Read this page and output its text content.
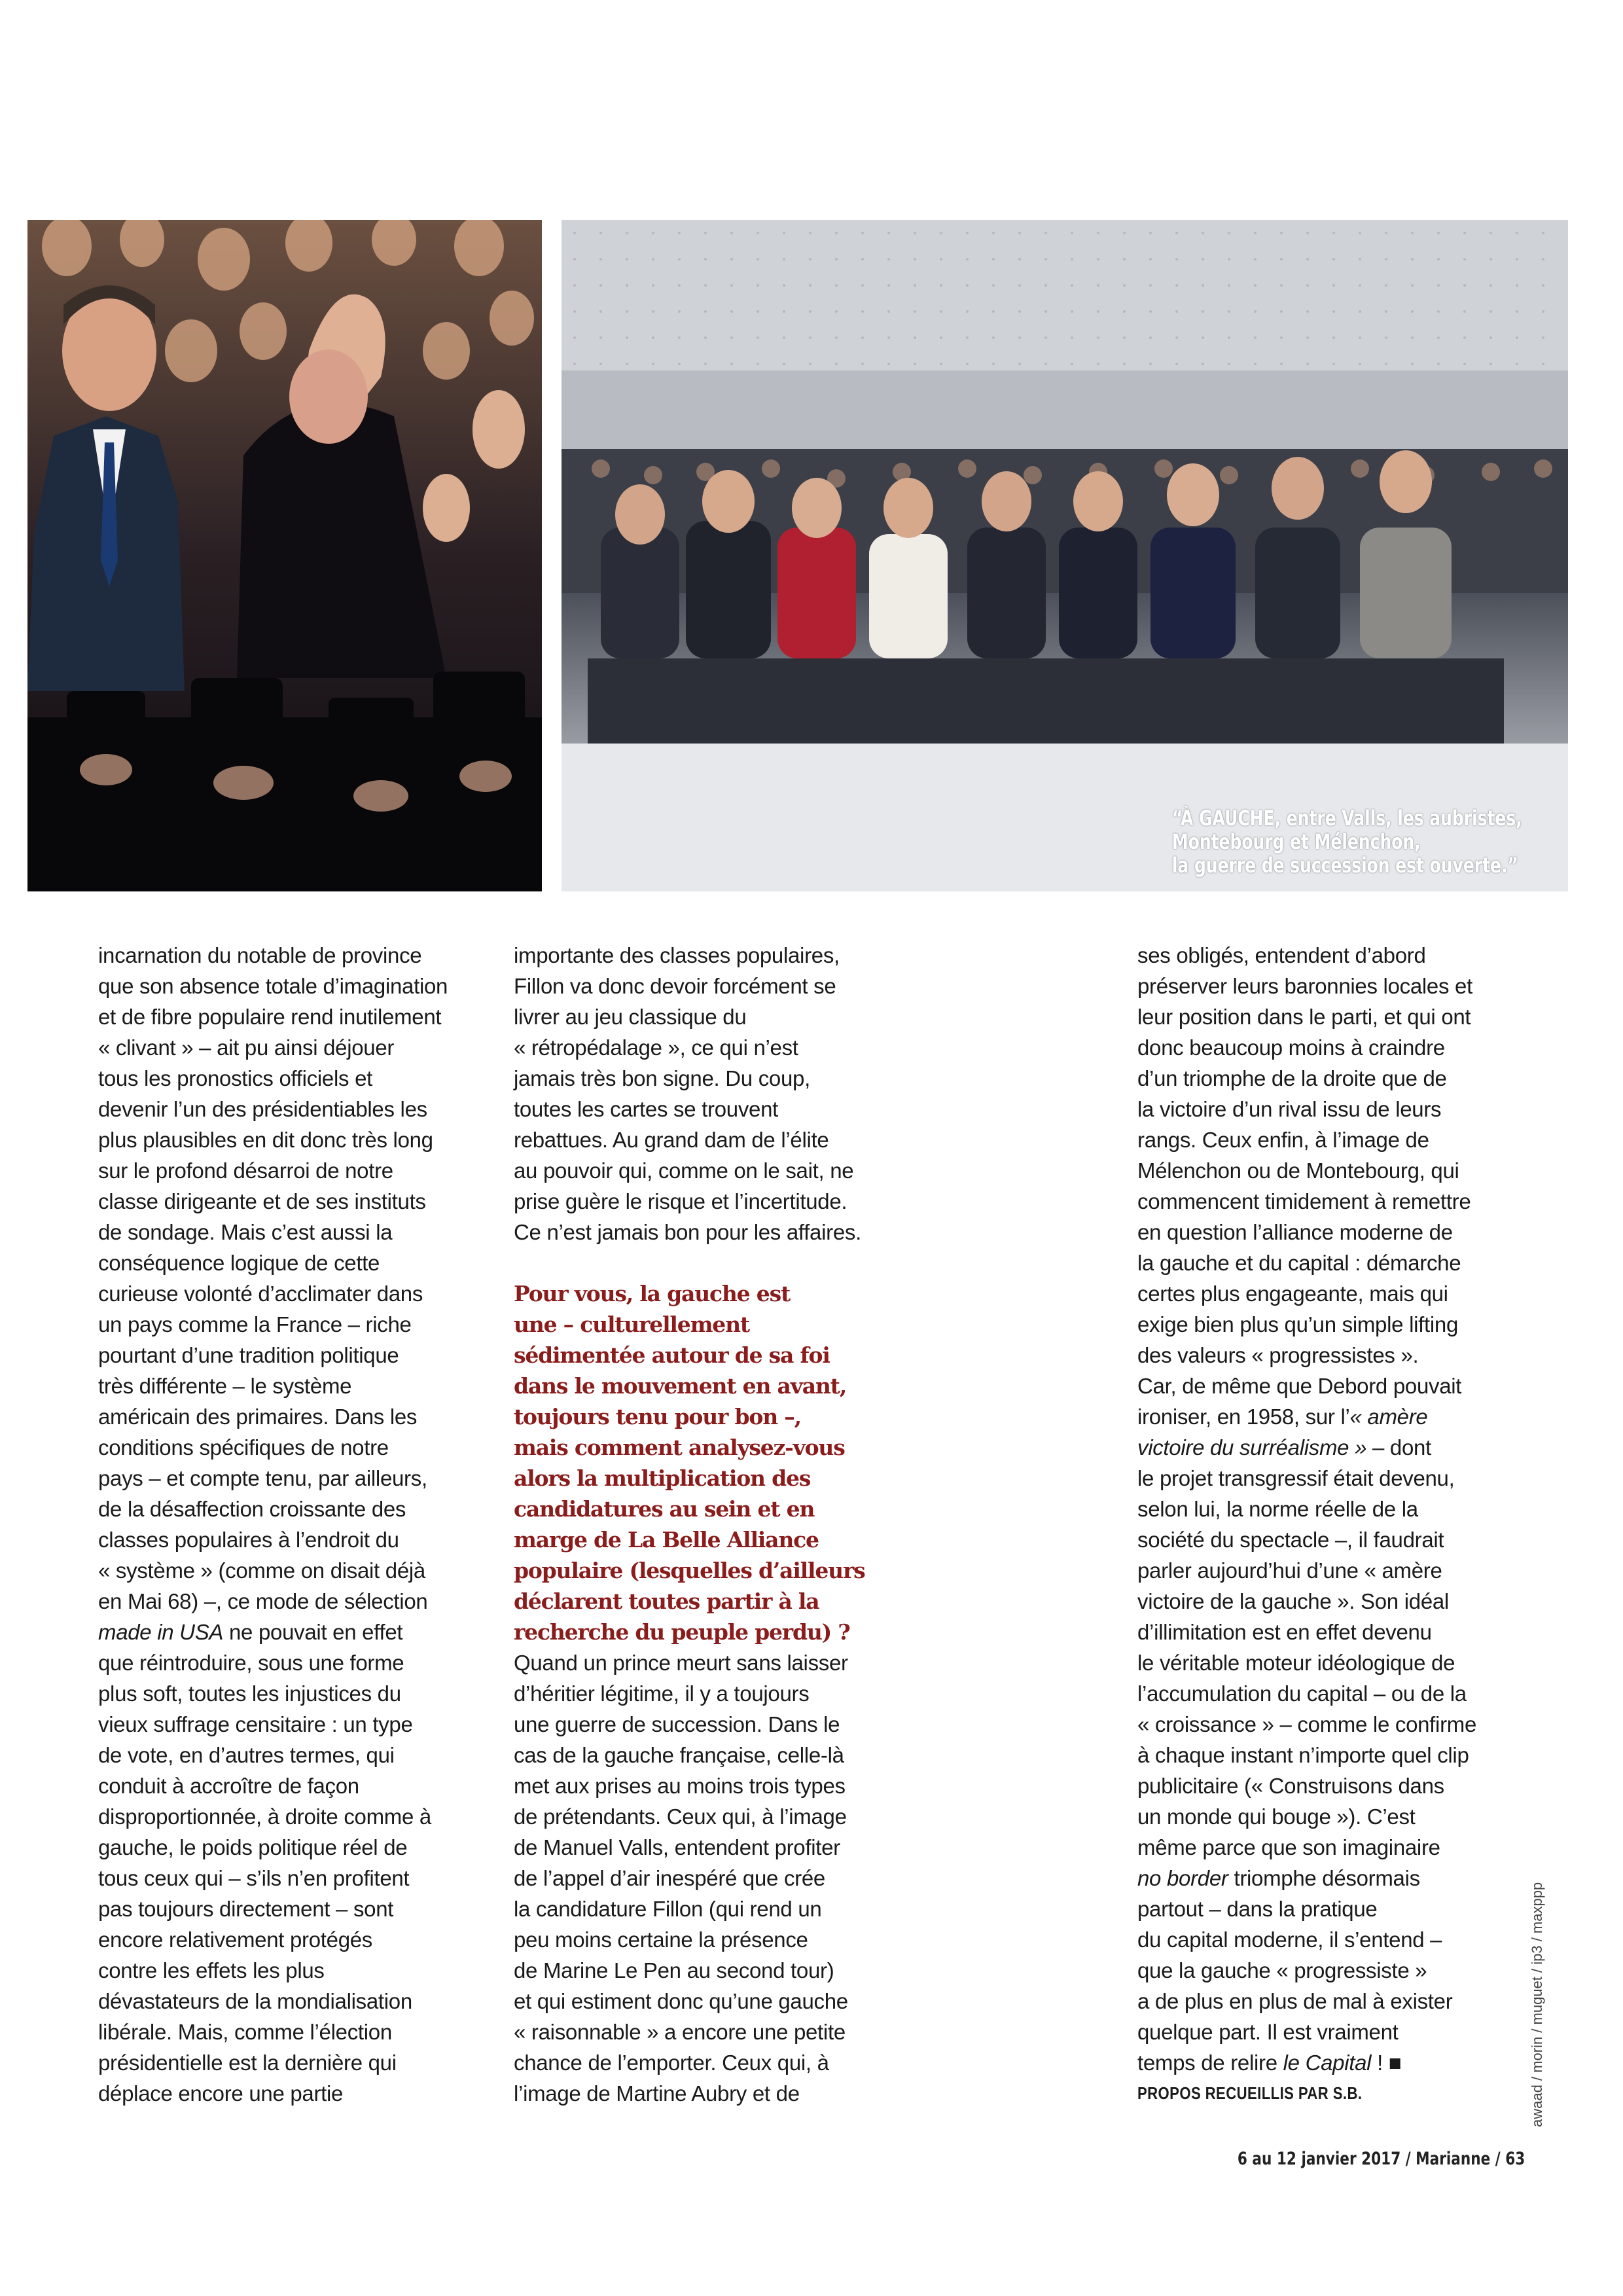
“À GAUCHE, entre Valls, les aubristes,
Montebourg et Mélenchon,
la guerre de succession est ouverte.”

incarnation du notable de province
que son absence totale d’imagination
et de fibre populaire rend inutilement
« clivant » – ait pu ainsi déjouer
tous les pronostics officiels et
devenir l’un des présidentiables les
plus plausibles en dit donc très long
sur le profond désarroi de notre
classe dirigeante et de ses instituts
de sondage. Mais c’est aussi la
conséquence logique de cette
curieuse volonté d’acclimater dans
un pays comme la France – riche
pourtant d’une tradition politique
très différente – le système
américain des primaires. Dans les
conditions spécifiques de notre
pays – et compte tenu, par ailleurs,
de la désaffection croissante des
classes populaires à l’endroit du
« système » (comme on disait déjà
en Mai 68) –, ce mode de sélection
made in USA ne pouvait en effet
que réintroduire, sous une forme
plus soft, toutes les injustices du
vieux suffrage censitaire : un type
de vote, en d’autres termes, qui
conduit à accroître de façon
disproportionnée, à droite comme à
gauche, le poids politique réel de
tous ceux qui – s’ils n’en profitent
pas toujours directement – sont
encore relativement protégés
contre les effets les plus
dévastateurs de la mondialisation
libérale. Mais, comme l’élection
présidentielle est la dernière qui
déplace encore une partie

importante des classes populaires,
Fillon va donc devoir forcément se
livrer au jeu classique du
« rétropédalage », ce qui n’est
jamais très bon signe. Du coup,
toutes les cartes se trouvent
rebattues. Au grand dam de l’élite
au pouvoir qui, comme on le sait, ne
prise guère le risque et l’incertitude.
Ce n’est jamais bon pour les affaires.

Pour vous, la gauche est
une – culturellement
sédimentée autour de sa foi
dans le mouvement en avant,
toujours tenu pour bon –,
mais comment analysez-vous
alors la multiplication des
candidatures au sein et en
marge de La Belle Alliance
populaire (lesquelles d’ailleurs
déclarent toutes partir à la
recherche du peuple perdu) ?

Quand un prince meurt sans laisser
d’héritier légitime, il y a toujours
une guerre de succession. Dans le
cas de la gauche française, celle-là
met aux prises au moins trois types
de prétendants. Ceux qui, à l’image
de Manuel Valls, entendent profiter
de l’appel d’air inespéré que crée
la candidature Fillon (qui rend un
peu moins certaine la présence
de Marine Le Pen au second tour)
et qui estiment donc qu’une gauche
« raisonnable » a encore une petite
chance de l’emporter. Ceux qui, à
l’image de Martine Aubry et de

ses obligés, entendent d’abord
préserver leurs baronnies locales et
leur position dans le parti, et qui ont
donc beaucoup moins à craindre
d’un triomphe de la droite que de
la victoire d’un rival issu de leurs
rangs. Ceux enfin, à l’image de
Mélenchon ou de Montebourg, qui
commencent timidement à remettre
en question l’alliance moderne de
la gauche et du capital : démarche
certes plus engageante, mais qui
exige bien plus qu’un simple lifting
des valeurs « progressistes ».
Car, de même que Debord pouvait
ironiser, en 1958, sur l’« amère
victoire du surréalisme » – dont
le projet transgressif était devenu,
selon lui, la norme réelle de la
société du spectacle –, il faudrait
parler aujourd’hui d’une « amère
victoire de la gauche ». Son idéal
d’illimitation est en effet devenu
le véritable moteur idéologique de
l’accumulation du capital – ou de la
« croissance » – comme le confirme
à chaque instant n’importe quel clip
publicitaire (« Construisons dans
un monde qui bouge »). C’est
même parce que son imaginaire
no border triomphe désormais
partout – dans la pratique
du capital moderne, il s’entend –
que la gauche « progressiste »
a de plus en plus de mal à exister
quelque part. Il est vraiment
temps de relire le Capital ! ■
PROPOS RECUEILLIS PAR S.B.	awaad / morin / muguet / ip3 / maxppp
6 au 12 janvier 2017 / Marianne / 63
